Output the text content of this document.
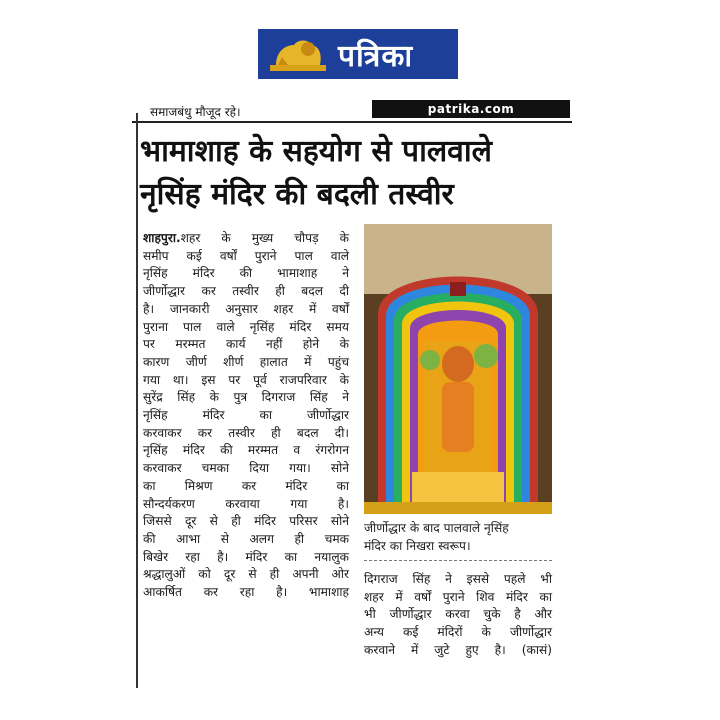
पत्रिका
समाजबंधु मौजूद रहे।	patrika.com
भामाशाह के सहयोग से पालवाले
नृसिंह मंदिर की बदली तस्वीर

शाहपुरा.शहर के मुख्य चौपड़ के

समीप कई वर्षों पुराने पाल वाले

नृसिंह मंदिर की भामाशाह ने

जीर्णोद्धार कर तस्वीर ही बदल दी

है। जानकारी अनुसार शहर में वर्षों

पुराना पाल वाले नृसिंह मंदिर समय

पर मरम्मत कार्य नहीं होने के

कारण जीर्ण शीर्ण हालात में पहुंच

गया था। इस पर पूर्व राजपरिवार के

सुरेंद्र सिंह के पुत्र दिगराज सिंह ने

नृसिंह मंदिर का जीर्णोद्धार

करवाकर कर तस्वीर ही बदल दी।

नृसिंह मंदिर की मरम्मत व रंगरोगन

करवाकर चमका दिया गया। सोने

का मिश्रण कर मंदिर का

सौन्दर्यकरण करवाया गया है।

जिससे दूर से ही मंदिर परिसर सोने

की आभा से अलग ही चमक

बिखेर रहा है। मंदिर का नयालुक

श्रद्धालुओं को दूर से ही अपनी ओर

आकर्षित कर रहा है। भामाशाह

जीर्णोद्धार के बाद पालवाले नृसिंह
मंदिर का निखरा स्वरूप।

दिगराज सिंह ने इससे पहले भी

शहर में वर्षों पुराने शिव मंदिर का

भी जीर्णोद्धार करवा चुके है और

अन्य कई मंदिरों के जीर्णोद्धार

करवाने में जुटे हुए है। (कासं)
